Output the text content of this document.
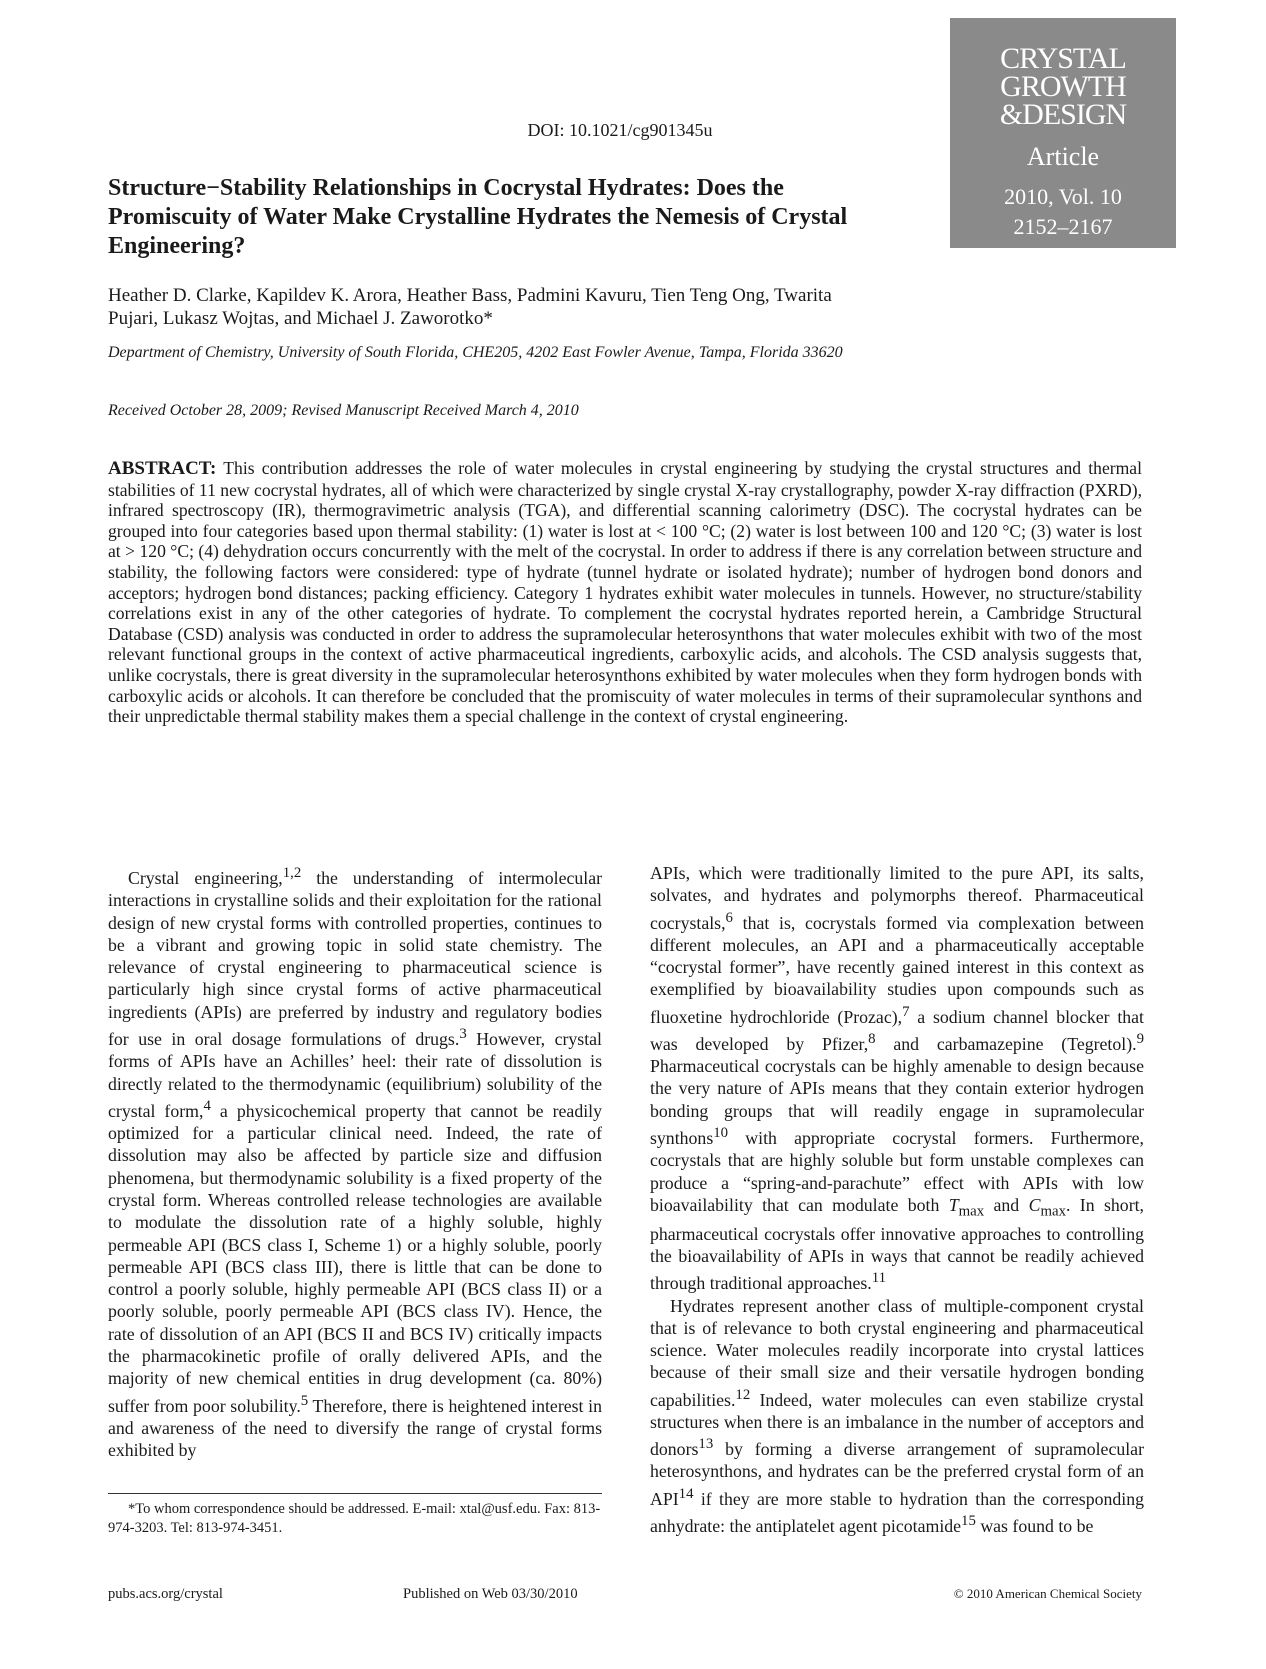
CRYSTAL
GROWTH
&DESIGN
Article
2010, Vol. 10
2152–2167
DOI: 10.1021/cg901345u
Structure−Stability Relationships in Cocrystal Hydrates: Does the Promiscuity of Water Make Crystalline Hydrates the Nemesis of Crystal Engineering?
Heather D. Clarke, Kapildev K. Arora, Heather Bass, Padmini Kavuru, Tien Teng Ong, Twarita Pujari, Lukasz Wojtas, and Michael J. Zaworotko*
Department of Chemistry, University of South Florida, CHE205, 4202 East Fowler Avenue, Tampa, Florida 33620
Received October 28, 2009; Revised Manuscript Received March 4, 2010
ABSTRACT: This contribution addresses the role of water molecules in crystal engineering by studying the crystal structures and thermal stabilities of 11 new cocrystal hydrates, all of which were characterized by single crystal X-ray crystallography, powder X-ray diffraction (PXRD), infrared spectroscopy (IR), thermogravimetric analysis (TGA), and differential scanning calorimetry (DSC). The cocrystal hydrates can be grouped into four categories based upon thermal stability: (1) water is lost at < 100 °C; (2) water is lost between 100 and 120 °C; (3) water is lost at > 120 °C; (4) dehydration occurs concurrently with the melt of the cocrystal. In order to address if there is any correlation between structure and stability, the following factors were considered: type of hydrate (tunnel hydrate or isolated hydrate); number of hydrogen bond donors and acceptors; hydrogen bond distances; packing efficiency. Category 1 hydrates exhibit water molecules in tunnels. However, no structure/stability correlations exist in any of the other categories of hydrate. To complement the cocrystal hydrates reported herein, a Cambridge Structural Database (CSD) analysis was conducted in order to address the supramolecular heterosynthons that water molecules exhibit with two of the most relevant functional groups in the context of active pharmaceutical ingredients, carboxylic acids, and alcohols. The CSD analysis suggests that, unlike cocrystals, there is great diversity in the supramolecular heterosynthons exhibited by water molecules when they form hydrogen bonds with carboxylic acids or alcohols. It can therefore be concluded that the promiscuity of water molecules in terms of their supramolecular synthons and their unpredictable thermal stability makes them a special challenge in the context of crystal engineering.

Crystal engineering,$^{1,2}$ the understanding of intermolecular interactions in crystalline solids and their exploitation for the rational design of new crystal forms with controlled properties, continues to be a vibrant and growing topic in solid state chemistry. The relevance of crystal engineering to pharmaceutical science is particularly high since crystal forms of active pharmaceutical ingredients (APIs) are preferred by industry and regulatory bodies for use in oral dosage formulations of drugs.$^3$ However, crystal forms of APIs have an Achilles’ heel: their rate of dissolution is directly related to the thermodynamic (equilibrium) solubility of the crystal form,$^4$ a physicochemical property that cannot be readily optimized for a particular clinical need. Indeed, the rate of dissolution may also be affected by particle size and diffusion phenomena, but thermodynamic solubility is a fixed property of the crystal form. Whereas controlled release technologies are available to modulate the dissolution rate of a highly soluble, highly permeable API (BCS class I, Scheme 1) or a highly soluble, poorly permeable API (BCS class III), there is little that can be done to control a poorly soluble, highly permeable API (BCS class II) or a poorly soluble, poorly permeable API (BCS class IV). Hence, the rate of dissolution of an API (BCS II and BCS IV) critically impacts the pharmacokinetic profile of orally delivered APIs, and the majority of new chemical entities in drug development (ca. 80%) suffer from poor solubility.$^5$ Therefore, there is heightened interest in and awareness of the need to diversify the range of crystal forms exhibited by

APIs, which were traditionally limited to the pure API, its salts, solvates, and hydrates and polymorphs thereof. Pharmaceutical cocrystals,$^6$ that is, cocrystals formed via complexation between different molecules, an API and a pharmaceutically acceptable “cocrystal former”, have recently gained interest in this context as exemplified by bioavailability studies upon compounds such as fluoxetine hydrochloride (Prozac),$^7$ a sodium channel blocker that was developed by Pfizer,$^8$ and carbamazepine (Tegretol).$^9$ Pharmaceutical cocrystals can be highly amenable to design because the very nature of APIs means that they contain exterior hydrogen bonding groups that will readily engage in supramolecular synthons$^{10}$ with appropriate cocrystal formers. Furthermore, cocrystals that are highly soluble but form unstable complexes can produce a “spring-and-parachute” effect with APIs with low bioavailability that can modulate both $T_{max}$ and $C_{max}$. In short, pharmaceutical cocrystals offer innovative approaches to controlling the bioavailability of APIs in ways that cannot be readily achieved through traditional approaches.$^{11}$

Hydrates represent another class of multiple-component crystal that is of relevance to both crystal engineering and pharmaceutical science. Water molecules readily incorporate into crystal lattices because of their small size and their versatile hydrogen bonding capabilities.$^{12}$ Indeed, water molecules can even stabilize crystal structures when there is an imbalance in the number of acceptors and donors$^{13}$ by forming a diverse arrangement of supramolecular heterosynthons, and hydrates can be the preferred crystal form of an API$^{14}$ if they are more stable to hydration than the corresponding anhydrate: the antiplatelet agent picotamide$^{15}$ was found to be

*To whom correspondence should be addressed. E-mail: xtal@usf.edu. Fax: 813-974-3203. Tel: 813-974-3451.
pubs.acs.org/crystal	Published on Web 03/30/2010	© 2010 American Chemical Society
